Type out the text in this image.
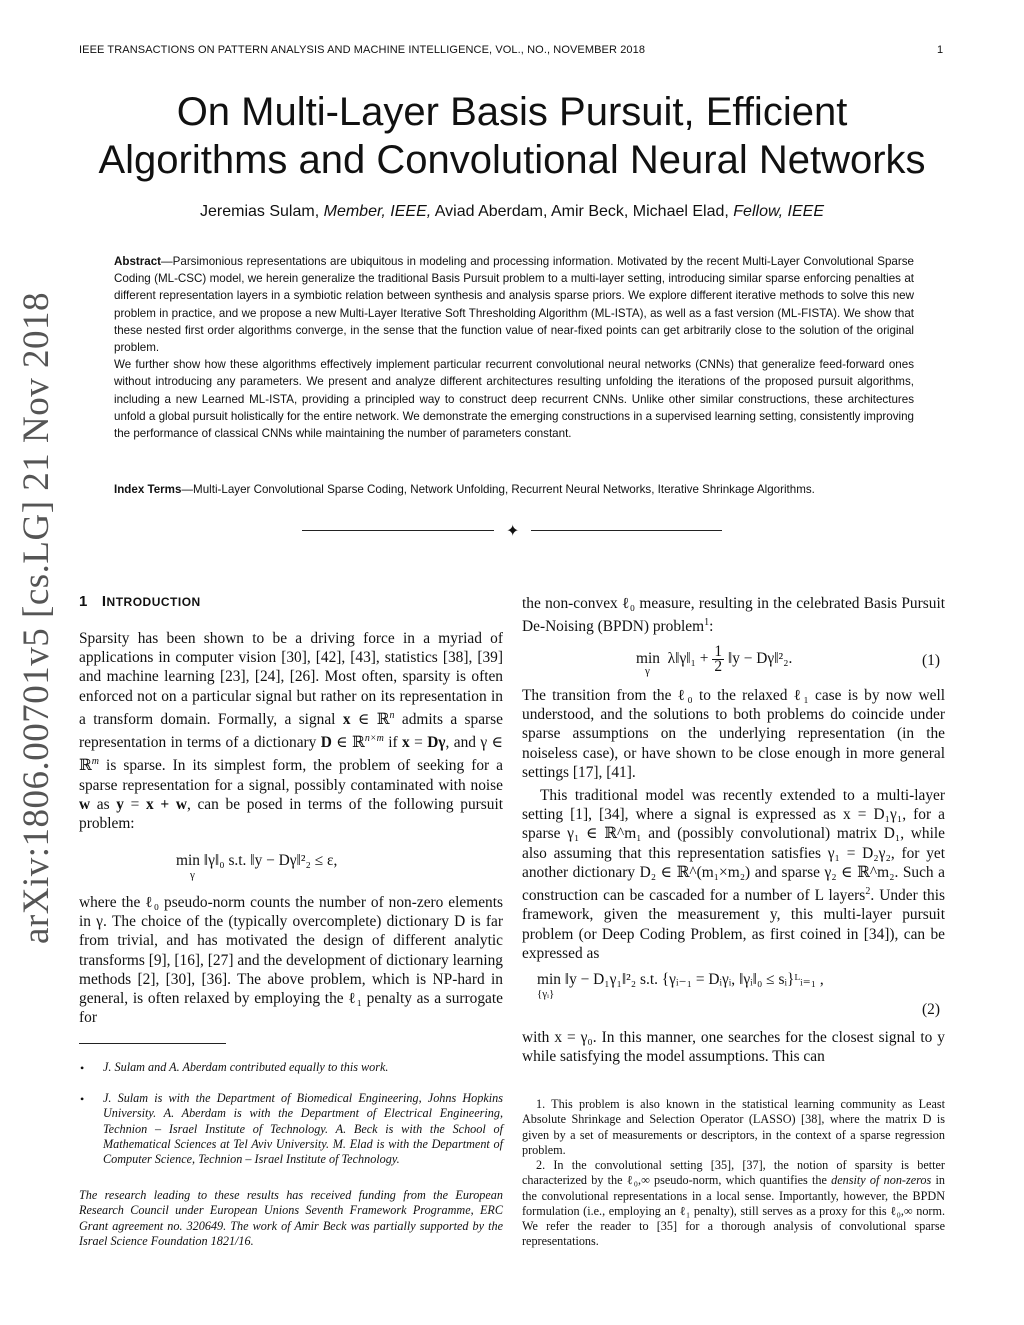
IEEE TRANSACTIONS ON PATTERN ANALYSIS AND MACHINE INTELLIGENCE, VOL., NO., NOVEMBER 2018	1
On Multi-Layer Basis Pursuit, Efficient
Algorithms and Convolutional Neural Networks
Jeremias Sulam, Member, IEEE, Aviad Aberdam, Amir Beck, Michael Elad, Fellow, IEEE

Abstract—Parsimonious representations are ubiquitous in modeling and processing information. Motivated by the recent Multi-Layer Convolutional Sparse Coding (ML-CSC) model, we herein generalize the traditional Basis Pursuit problem to a multi-layer setting, introducing similar sparse enforcing penalties at different representation layers in a symbiotic relation between synthesis and analysis sparse priors. We explore different iterative methods to solve this new problem in practice, and we propose a new Multi-Layer Iterative Soft Thresholding Algorithm (ML-ISTA), as well as a fast version (ML-FISTA). We show that these nested first order algorithms converge, in the sense that the function value of near-fixed points can get arbitrarily close to the solution of the original problem.

We further show how these algorithms effectively implement particular recurrent convolutional neural networks (CNNs) that generalize feed-forward ones without introducing any parameters. We present and analyze different architectures resulting unfolding the iterations of the proposed pursuit algorithms, including a new Learned ML-ISTA, providing a principled way to construct deep recurrent CNNs. Unlike other similar constructions, these architectures unfold a global pursuit holistically for the entire network. We demonstrate the emerging constructions in a supervised learning setting, consistently improving the performance of classical CNNs while maintaining the number of parameters constant.

Index Terms—Multi-Layer Convolutional Sparse Coding, Network Unfolding, Recurrent Neural Networks, Iterative Shrinkage Algorithms.
✦
arXiv:1806.00701v5 [cs.LG] 21 Nov 2018 1 INTRODUCTION

Sparsity has been shown to be a driving force in a myriad of applications in computer vision [30], [42], [43], statistics [38], [39] and machine learning [23], [24], [26]. Most often, sparsity is often enforced not on a particular signal but rather on its representation in a transform domain. Formally, a signal x ∈ ℝ$^n$ admits a sparse representation in terms of a dictionary D ∈ ℝ$^{n\times m}$ if x = Dγ, and γ ∈ ℝ$^m$ is sparse. In its simplest form, the problem of seeking for a sparse representation for a signal, possibly contaminated with noise w as y = x + w, can be posed in terms of the following pursuit problem:

min ‖γ‖₀ s.t. ‖y − Dγ‖²₂ ≤ ε,
γ
where the ℓ₀ pseudo-norm counts the number of non-zero elements in γ. The choice of the (typically overcomplete) dictionary D is far from trivial, and has motivated the design of different analytic transforms [9], [16], [27] and the development of dictionary learning methods [2], [30], [36]. The above problem, which is NP-hard in general, is often relaxed by employing the ℓ₁ penalty as a surrogate for
• J. Sulam and A. Aberdam contributed equally to this work.
• J. Sulam is with the Department of Biomedical Engineering, Johns Hopkins University. A. Aberdam is with the Department of Electrical Engineering, Technion – Israel Institute of Technology. A. Beck is with the School of Mathematical Sciences at Tel Aviv University. M. Elad is with the Department of Computer Science, Technion – Israel Institute of Technology.
The research leading to these results has received funding from the European Research Council under European Unions Seventh Framework Programme, ERC Grant agreement no. 320649. The work of Amir Beck was partially supported by the Israel Science Foundation 1821/16.

the non-convex ℓ₀ measure, resulting in the celebrated Basis Pursuit De-Noising (BPDN) problem$^1$:

min λ‖γ‖₁ + $\frac{1}{2}$ ‖y − Dγ‖²₂.
γ
(1)
The transition from the ℓ₀ to the relaxed ℓ₁ case is by now well understood, and the solutions to both problems do coincide under sparse assumptions on the underlying representation (in the noiseless case), or have shown to be close enough in more general settings [17], [41].

This traditional model was recently extended to a multi-layer setting [1], [34], where a signal is expressed as x = D₁γ₁, for a sparse γ₁ ∈ ℝ^m₁ and (possibly convolutional) matrix D₁, while also assuming that this representation satisfies γ₁ = D₂γ₂, for yet another dictionary D₂ ∈ ℝ^(m₁×m₂) and sparse γ₂ ∈ ℝ^m₂. Such a construction can be cascaded for a number of L layers$^2$. Under this framework, given the measurement y, this multi-layer pursuit problem (or Deep Coding Problem, as first coined in [34]), can be expressed as

min ‖y − D₁γ₁‖²₂ s.t. {γᵢ₋₁ = Dᵢγᵢ, ‖γᵢ‖₀ ≤ sᵢ}ᴸᵢ₌₁ ,
{γᵢ}
(2)
with x = γ₀. In this manner, one searches for the closest signal to y while satisfying the model assumptions. This can
1. This problem is also known in the statistical learning community as Least Absolute Shrinkage and Selection Operator (LASSO) [38], where the matrix D is given by a set of measurements or descriptors, in the context of a sparse regression problem.
2. In the convolutional setting [35], [37], the notion of sparsity is better characterized by the ℓ₀,∞ pseudo-norm, which quantifies the density of non-zeros in the convolutional representations in a local sense. Importantly, however, the BPDN formulation (i.e., employing an ℓ₁ penalty), still serves as a proxy for this ℓ₀,∞ norm. We refer the reader to [35] for a thorough analysis of convolutional sparse representations.
